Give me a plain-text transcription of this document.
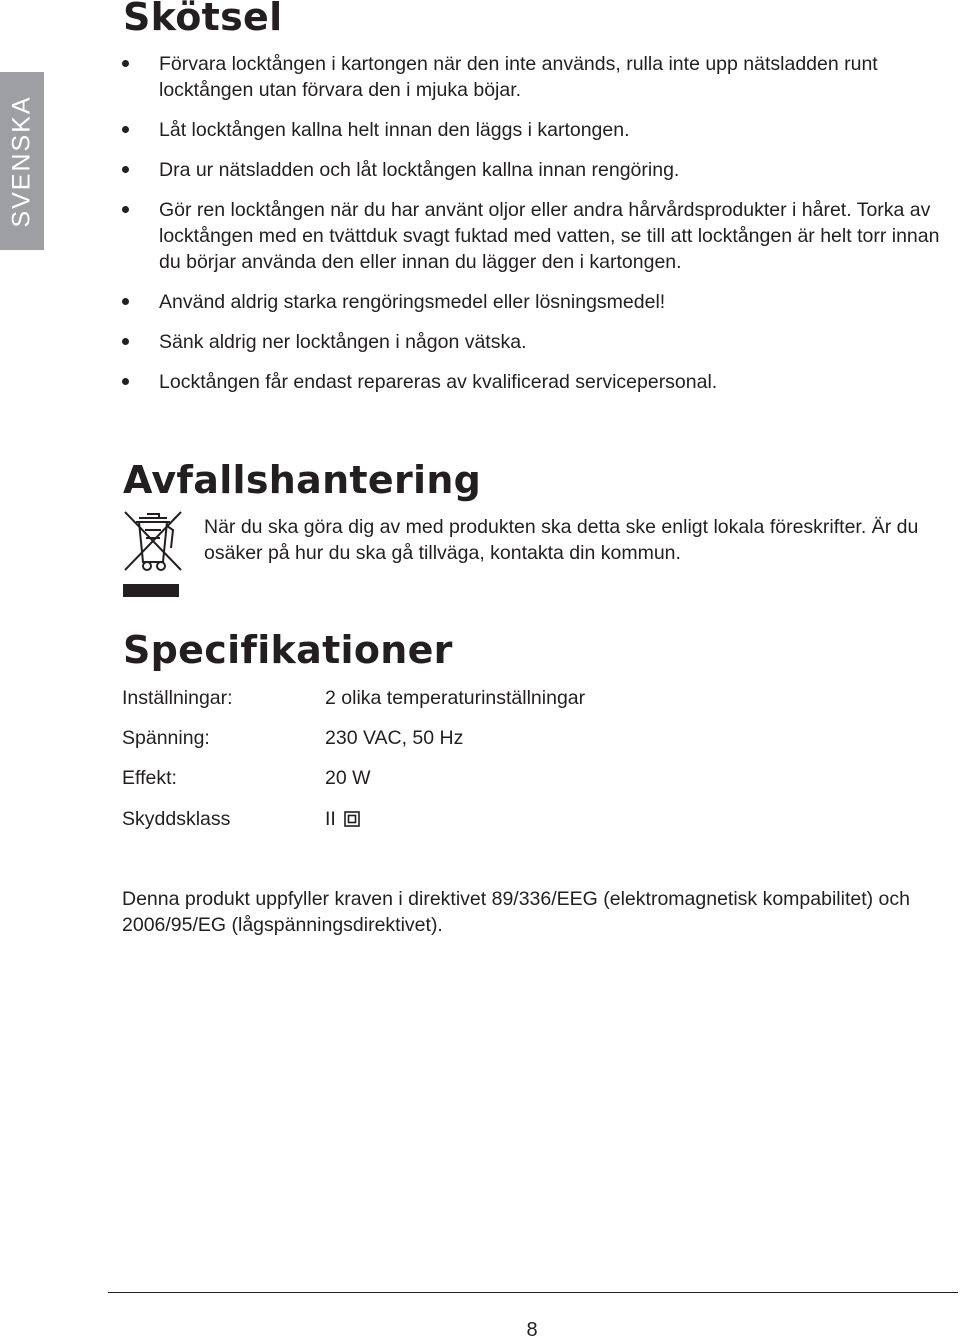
SVENSKA
Skötsel
Förvara locktången i kartongen när den inte används, rulla inte upp nätsladden runt locktången utan förvara den i mjuka böjar.
Låt locktången kallna helt innan den läggs i kartongen.
Dra ur nätsladden och låt locktången kallna innan rengöring.
Gör ren locktången när du har använt oljor eller andra hårvårdsprodukter i håret. Torka av locktången med en tvättduk svagt fuktad med vatten, se till att locktången är helt torr innan du börjar använda den eller innan du lägger den i kartongen.
Använd aldrig starka rengöringsmedel eller lösningsmedel!
Sänk aldrig ner locktången i någon vätska.
Locktången får endast repareras av kvalificerad servicepersonal.
Avfallshantering
När du ska göra dig av med produkten ska detta ske enligt lokala föreskrifter. Är du osäker på hur du ska gå tillväga, kontakta din kommun.
Specifikationer
Inställningar:	2 olika temperaturinställningar
Spänning:	230 VAC, 50 Hz
Effekt:	20 W
Skyddsklass	II
Denna produkt uppfyller kraven i direktivet 89/336/EEG (elektromagnetisk kompabilitet) och 2006/95/EG (lågspänningsdirektivet).
8
